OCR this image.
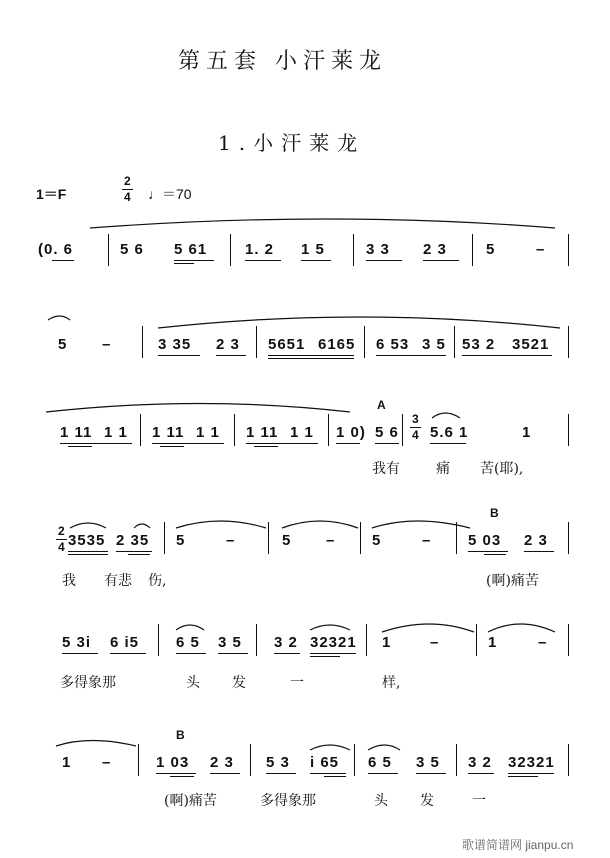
第五套 小汗莱龙
1.小汗莱龙
1＝F
2
4 ♩＝70
(0. 6	5 6 5 61	1. 2 1 5	3 3 2 3	5	–
5 –	3 35 2 3 5651 6165 6 53 3 5 53 2 3521
A
1 11 1 1 1 11 1 1 1 11 1 1 1 0) 5 6
3
4 5.6 1	1
我有	痛 苦(耶),
B
2
4 3535 2 35 5	–	5 – 5	– 5 03 2 3
我 有悲 伤,	(啊)痛苦
5 3i 6 i5 6 5 3 5 3 2 32321 1	–	1	–
多得象那	头 发	一	样,
B
1 –	1 03 2 3 5 3 i 65 6 5 3 5 3 2 32321
(啊)痛苦	多得象那	头 发	一
歌谱简谱网 jianpu.cn
